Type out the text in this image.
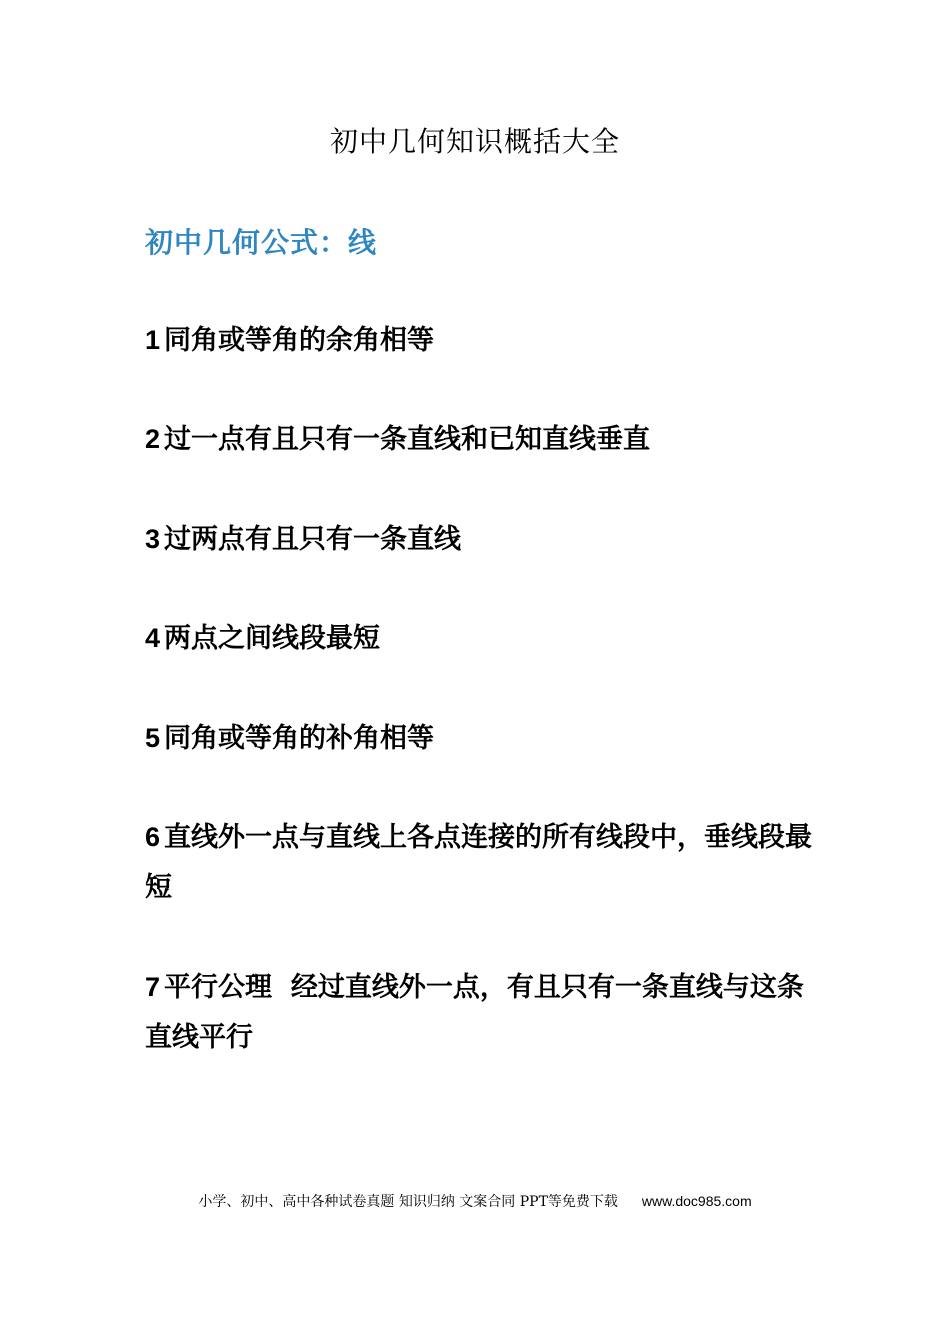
初中几何知识概括大全
初中几何公式：线
1 同角或等角的余角相等
2 过一点有且只有一条直线和已知直线垂直
3 过两点有且只有一条直线
4 两点之间线段最短
5 同角或等角的补角相等
6 直线外一点与直线上各点连接的所有线段中，垂线段最短
7 平行公理  经过直线外一点，有且只有一条直线与这条直线平行
小学、初中、高中各种试卷真题 知识归纳 文案合同 PPT等免费下载 www.doc985.com
